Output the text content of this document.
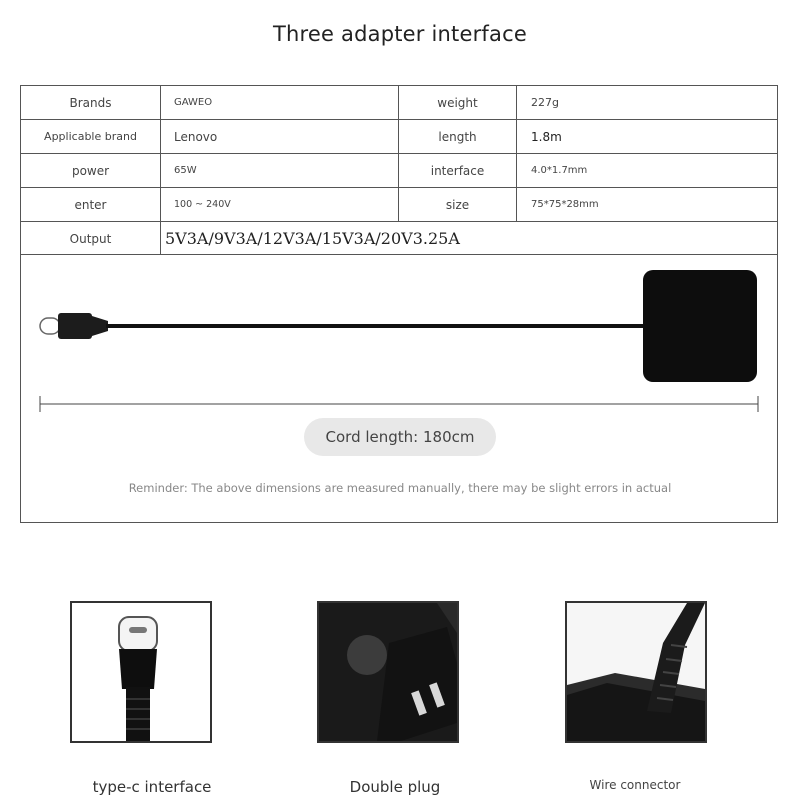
Three adapter interface
Brands	GAWEO	weight	227g
Applicable brand	Lenovo	length	1.8m
power	65W	interface	4.0*1.7mm
enter	100 ~ 240V	size	75*75*28mm
Output	5V3A/9V3A/12V3A/15V3A/20V3.25A
Cord length: 180cm
Reminder: The above dimensions are measured manually, there may be slight errors in actual
type-c interface	Double plug	Wire connector
